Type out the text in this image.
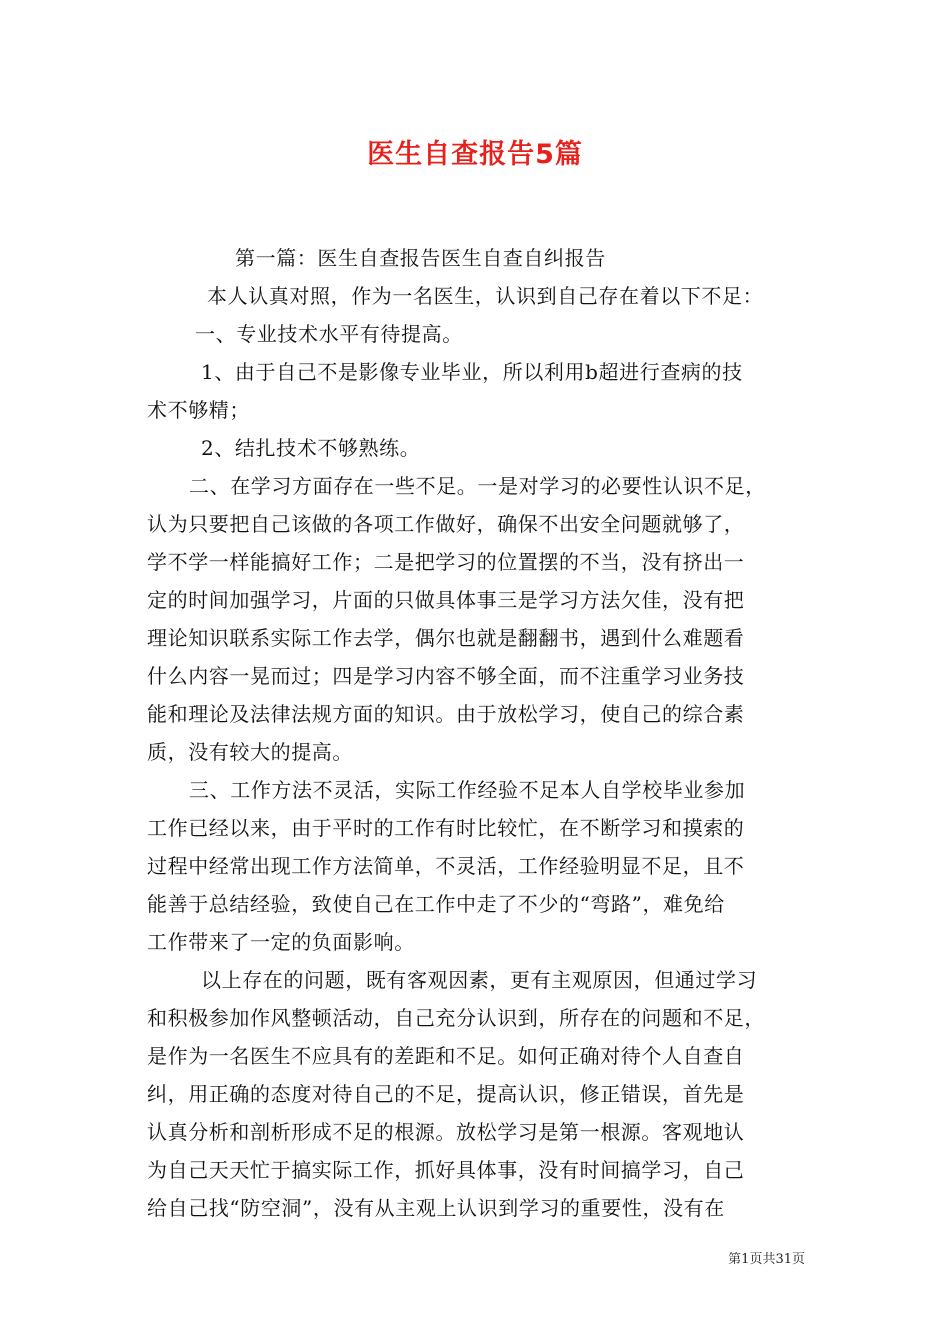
医生自查报告5篇
第一篇：医生自查报告医生自查自纠报告
本人认真对照，作为一名医生，认识到自己存在着以下不足：
一、专业技术水平有待提高。
1、由于自己不是影像专业毕业，所以利用b超进行查病的技
术不够精；
2、结扎技术不够熟练。
二、在学习方面存在一些不足。一是对学习的必要性认识不足，
认为只要把自己该做的各项工作做好，确保不出安全问题就够了，
学不学一样能搞好工作；二是把学习的位置摆的不当，没有挤出一
定的时间加强学习，片面的只做具体事三是学习方法欠佳，没有把
理论知识联系实际工作去学，偶尔也就是翻翻书，遇到什么难题看
什么内容一晃而过；四是学习内容不够全面，而不注重学习业务技
能和理论及法律法规方面的知识。由于放松学习，使自己的综合素
质，没有较大的提高。
三、工作方法不灵活，实际工作经验不足本人自学校毕业参加
工作已经以来，由于平时的工作有时比较忙，在不断学习和摸索的
过程中经常出现工作方法简单，不灵活，工作经验明显不足，且不
能善于总结经验，致使自己在工作中走了不少的“弯路”，难免给
工作带来了一定的负面影响。
以上存在的问题，既有客观因素，更有主观原因，但通过学习
和积极参加作风整顿活动，自己充分认识到，所存在的问题和不足，
是作为一名医生不应具有的差距和不足。如何正确对待个人自查自
纠，用正确的态度对待自己的不足，提高认识，修正错误，首先是
认真分析和剖析形成不足的根源。放松学习是第一根源。客观地认
为自己天天忙于搞实际工作，抓好具体事，没有时间搞学习，自己
给自己找“防空洞”，没有从主观上认识到学习的重要性，没有在
第1页共31页
